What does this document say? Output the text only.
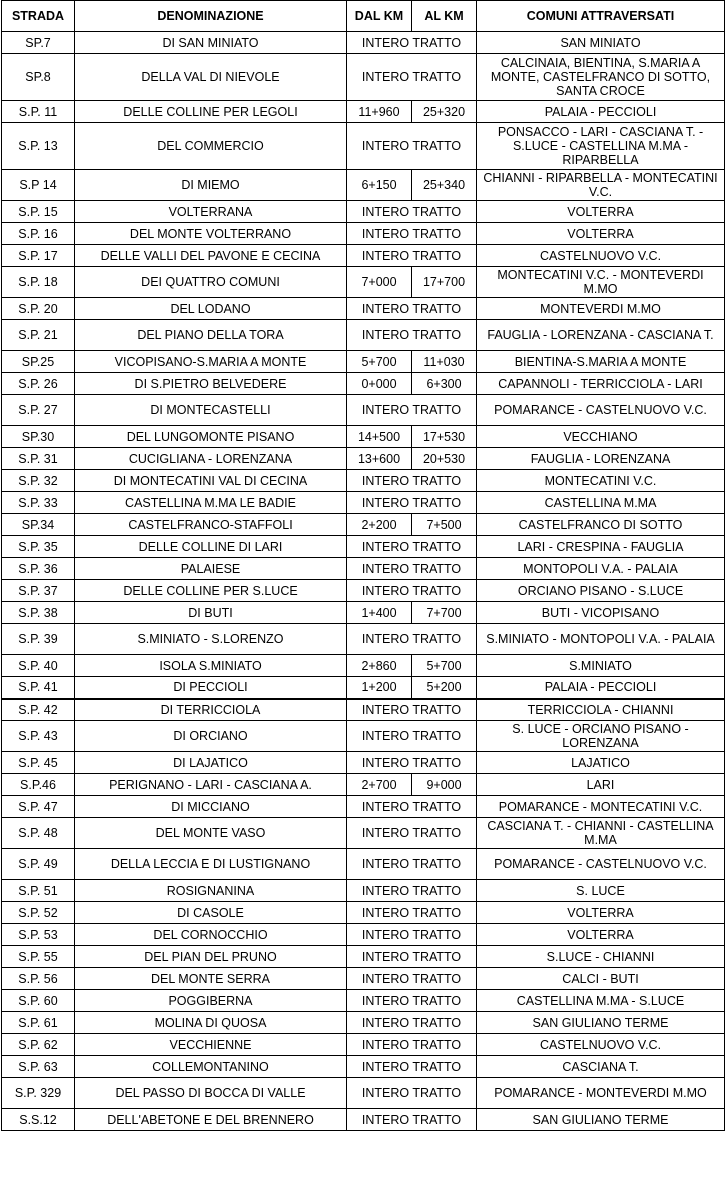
STRADA	DENOMINAZIONE	DAL KM	AL KM	COMUNI ATTRAVERSATI
SP.7	DI SAN MINIATO	INTERO TRATTO		SAN MINIATO
SP.8	DELLA VAL DI NIEVOLE	INTERO TRATTO		CALCINAIA, BIENTINA, S.MARIA A MONTE, CASTELFRANCO DI SOTTO, SANTA CROCE
S.P. 11	DELLE COLLINE PER LEGOLI	11+960	25+320	PALAIA - PECCIOLI
S.P. 13	DEL COMMERCIO	INTERO TRATTO		PONSACCO - LARI - CASCIANA T. - S.LUCE - CASTELLINA M.MA - RIPARBELLA
S.P 14	DI MIEMO	6+150	25+340	CHIANNI - RIPARBELLA - MONTECATINI V.C.
S.P. 15	VOLTERRANA	INTERO TRATTO		VOLTERRA
S.P. 16	DEL MONTE VOLTERRANO	INTERO TRATTO		VOLTERRA
S.P. 17	DELLE VALLI DEL PAVONE E CECINA	INTERO TRATTO		CASTELNUOVO V.C.
S.P. 18	DEI QUATTRO COMUNI	7+000	17+700	MONTECATINI V.C. - MONTEVERDI M.MO
S.P. 20	DEL LODANO	INTERO TRATTO		MONTEVERDI M.MO
S.P. 21	DEL PIANO DELLA TORA	INTERO TRATTO		FAUGLIA - LORENZANA - CASCIANA T.
SP.25	VICOPISANO-S.MARIA A MONTE	5+700	11+030	BIENTINA-S.MARIA A MONTE
S.P. 26	DI S.PIETRO BELVEDERE	0+000	6+300	CAPANNOLI - TERRICCIOLA - LARI
S.P. 27	DI MONTECASTELLI	INTERO TRATTO		POMARANCE - CASTELNUOVO V.C.
SP.30	DEL LUNGOMONTE PISANO	14+500	17+530	VECCHIANO
S.P. 31	CUCIGLIANA - LORENZANA	13+600	20+530	FAUGLIA - LORENZANA
S.P. 32	DI MONTECATINI VAL DI CECINA	INTERO TRATTO		MONTECATINI V.C.
S.P. 33	CASTELLINA M.MA LE BADIE	INTERO TRATTO		CASTELLINA M.MA
SP.34	CASTELFRANCO-STAFFOLI	2+200	7+500	CASTELFRANCO DI SOTTO
S.P. 35	DELLE COLLINE DI LARI	INTERO TRATTO		LARI - CRESPINA - FAUGLIA
S.P. 36	PALAIESE	INTERO TRATTO		MONTOPOLI V.A. - PALAIA
S.P. 37	DELLE COLLINE PER S.LUCE	INTERO TRATTO		ORCIANO PISANO - S.LUCE
S.P. 38	DI BUTI	1+400	7+700	BUTI - VICOPISANO
S.P. 39	S.MINIATO - S.LORENZO	INTERO TRATTO		S.MINIATO - MONTOPOLI V.A. - PALAIA
S.P. 40	ISOLA S.MINIATO	2+860	5+700	S.MINIATO
S.P. 41	DI PECCIOLI	1+200	5+200	PALAIA - PECCIOLI
S.P. 42	DI TERRICCIOLA	INTERO TRATTO		TERRICCIOLA - CHIANNI
S.P. 43	DI ORCIANO	INTERO TRATTO		S. LUCE - ORCIANO PISANO - LORENZANA
S.P. 45	DI LAJATICO	INTERO TRATTO		LAJATICO
S.P.46	PERIGNANO - LARI - CASCIANA A.	2+700	9+000	LARI
S.P. 47	DI MICCIANO	INTERO TRATTO		POMARANCE - MONTECATINI V.C.
S.P. 48	DEL MONTE VASO	INTERO TRATTO		CASCIANA T. - CHIANNI - CASTELLINA M.MA
S.P. 49	DELLA LECCIA E DI LUSTIGNANO	INTERO TRATTO		POMARANCE - CASTELNUOVO V.C.
S.P. 51	ROSIGNANINA	INTERO TRATTO		S. LUCE
S.P. 52	DI CASOLE	INTERO TRATTO		VOLTERRA
S.P. 53	DEL CORNOCCHIO	INTERO TRATTO		VOLTERRA
S.P. 55	DEL PIAN DEL PRUNO	INTERO TRATTO		S.LUCE - CHIANNI
S.P. 56	DEL MONTE SERRA	INTERO TRATTO		CALCI - BUTI
S.P. 60	POGGIBERNA	INTERO TRATTO		CASTELLINA M.MA - S.LUCE
S.P. 61	MOLINA DI QUOSA	INTERO TRATTO		SAN GIULIANO TERME
S.P. 62	VECCHIENNE	INTERO TRATTO		CASTELNUOVO V.C.
S.P. 63	COLLEMONTANINO	INTERO TRATTO		CASCIANA T.
S.P. 329	DEL PASSO DI BOCCA DI VALLE	INTERO TRATTO		POMARANCE - MONTEVERDI M.MO
S.S.12	DELL'ABETONE E DEL BRENNERO	INTERO TRATTO		SAN GIULIANO TERME
